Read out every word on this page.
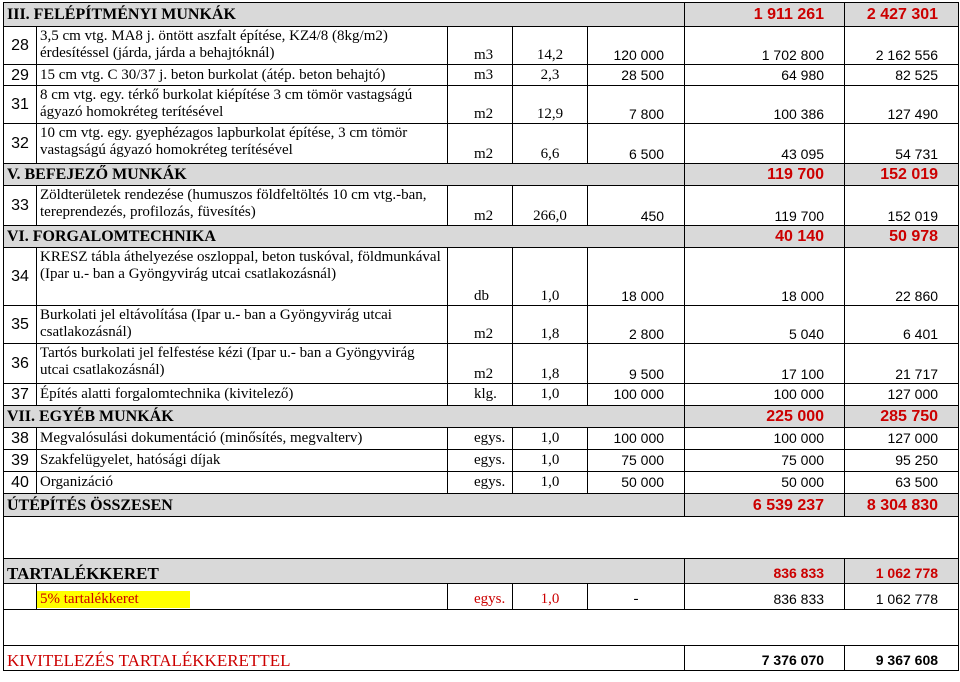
III. FELÉPÍTMÉNYI MUNKÁK					1 911 261	2 427 301
28	3,5 cm vtg. MA8 j. öntött aszfalt építése, KZ4/8 (8kg/m2) érdesítéssel (járda, járda a behajtóknál)	m3	14,2	120 000	1 702 800	2 162 556
29	15 cm vtg. C 30/37 j. beton burkolat (átép. beton behajtó)	m3	2,3	28 500	64 980	82 525
31	8 cm vtg. egy. térkő burkolat kiépítése 3 cm tömör vastagságú ágyazó homokréteg terítésével	m2	12,9	7 800	100 386	127 490
32	10 cm vtg. egy. gyephézagos lapburkolat építése, 3 cm tömör vastagságú ágyazó homokréteg terítésével	m2	6,6	6 500	43 095	54 731
V. BEFEJEZŐ MUNKÁK					119 700	152 019
33	Zöldterületek rendezése (humuszos földfeltöltés 10 cm vtg.-ban, tereprendezés, profilozás, füvesítés)	m2	266,0	450	119 700	152 019
VI. FORGALOMTECHNIKA					40 140	50 978
34	KRESZ tábla áthelyezése oszloppal, beton tuskóval, földmunkával (Ipar u.- ban a Gyöngyvirág utcai csatlakozásnál)	db	1,0	18 000	18 000	22 860
35	Burkolati jel eltávolítása (Ipar u.- ban a Gyöngyvirág utcai csatlakozásnál)	m2	1,8	2 800	5 040	6 401
36	Tartós burkolati jel felfestése kézi (Ipar u.- ban a Gyöngyvirág utcai csatlakozásnál)	m2	1,8	9 500	17 100	21 717
37	Építés alatti forgalomtechnika (kivitelező)	klg.	1,0	100 000	100 000	127 000
VII. EGYÉB MUNKÁK					225 000	285 750
38	Megvalósulási dokumentáció (minősítés, megvalterv)	egys.	1,0	100 000	100 000	127 000
39	Szakfelügyelet, hatósági díjak	egys.	1,0	75 000	75 000	95 250
40	Organizáció	egys.	1,0	50 000	50 000	63 500
ÚTÉPÍTÉS ÖSSZESEN					6 539 237	8 304 830

TARTALÉKKERET					836 833	1 062 778
	5% tartalékkeret	egys.	1,0	-	836 833	1 062 778

KIVITELEZÉS TARTALÉKKERETTEL					7 376 070	9 367 608
